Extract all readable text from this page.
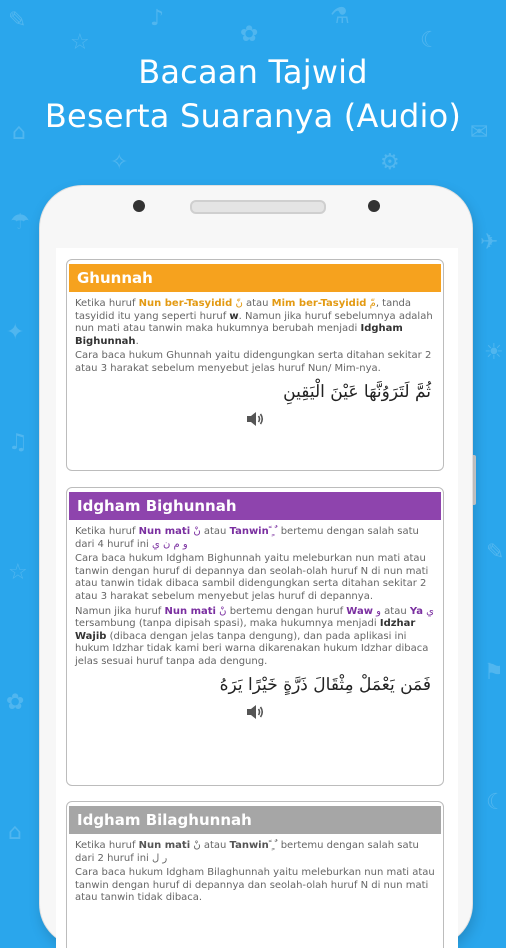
✎
☆
♪
✿
⚗
☾
✉
⌂
☂
✈
✦
☀
♫
✎
☆
⚑
✿
☾
⌂
✧	⚙
Bacaan Tajwid
Beserta Suaranya (Audio)
Ghunnah

Ketika huruf Nun ber-Tasyidid نّ atau Mim ber-Tasyidid مّ, tanda tasyidid itu yang seperti huruf w. Namun jika huruf sebelumnya adalah nun mati atau tanwin maka hukumnya berubah menjadi Idgham Bighunnah.

Cara baca hukum Ghunnah yaitu didengungkan serta ditahan sekitar 2 atau 3 harakat sebelum menyebut jelas huruf Nun/ Mim-nya.

ثُمَّ لَتَرَوُنَّهَا عَيْنَ الْيَقِينِ
Idgham Bighunnah

Ketika huruf Nun mati نْ atau Tanwin ً ٍ ٌ bertemu dengan salah satu dari 4 huruf ini و م ن ي

Cara baca hukum Idgham Bighunnah yaitu meleburkan nun mati atau tanwin dengan huruf di depannya dan seolah-olah huruf N di nun mati atau tanwin tidak dibaca sambil didengungkan serta ditahan sekitar 2 atau 3 harakat sebelum menyebut jelas huruf di depannya.

Namun jika huruf Nun mati نْ bertemu dengan huruf Waw و atau Ya ي tersambung (tanpa dipisah spasi), maka hukumnya menjadi Idzhar Wajib (dibaca dengan jelas tanpa dengung), dan pada aplikasi ini hukum Idzhar tidak kami beri warna dikarenakan hukum Idzhar dibaca jelas sesuai huruf tanpa ada dengung.

فَمَن يَعْمَلْ مِثْقَالَ ذَرَّةٍ خَيْرًا يَرَهُ
Idgham Bilaghunnah

Ketika huruf Nun mati نْ atau Tanwin ً ٍ ٌ bertemu dengan salah satu dari 2 huruf ini ر ل

Cara baca hukum Idgham Bilaghunnah yaitu meleburkan nun mati atau tanwin dengan huruf di depannya dan seolah-olah huruf N di nun mati atau tanwin tidak dibaca.
